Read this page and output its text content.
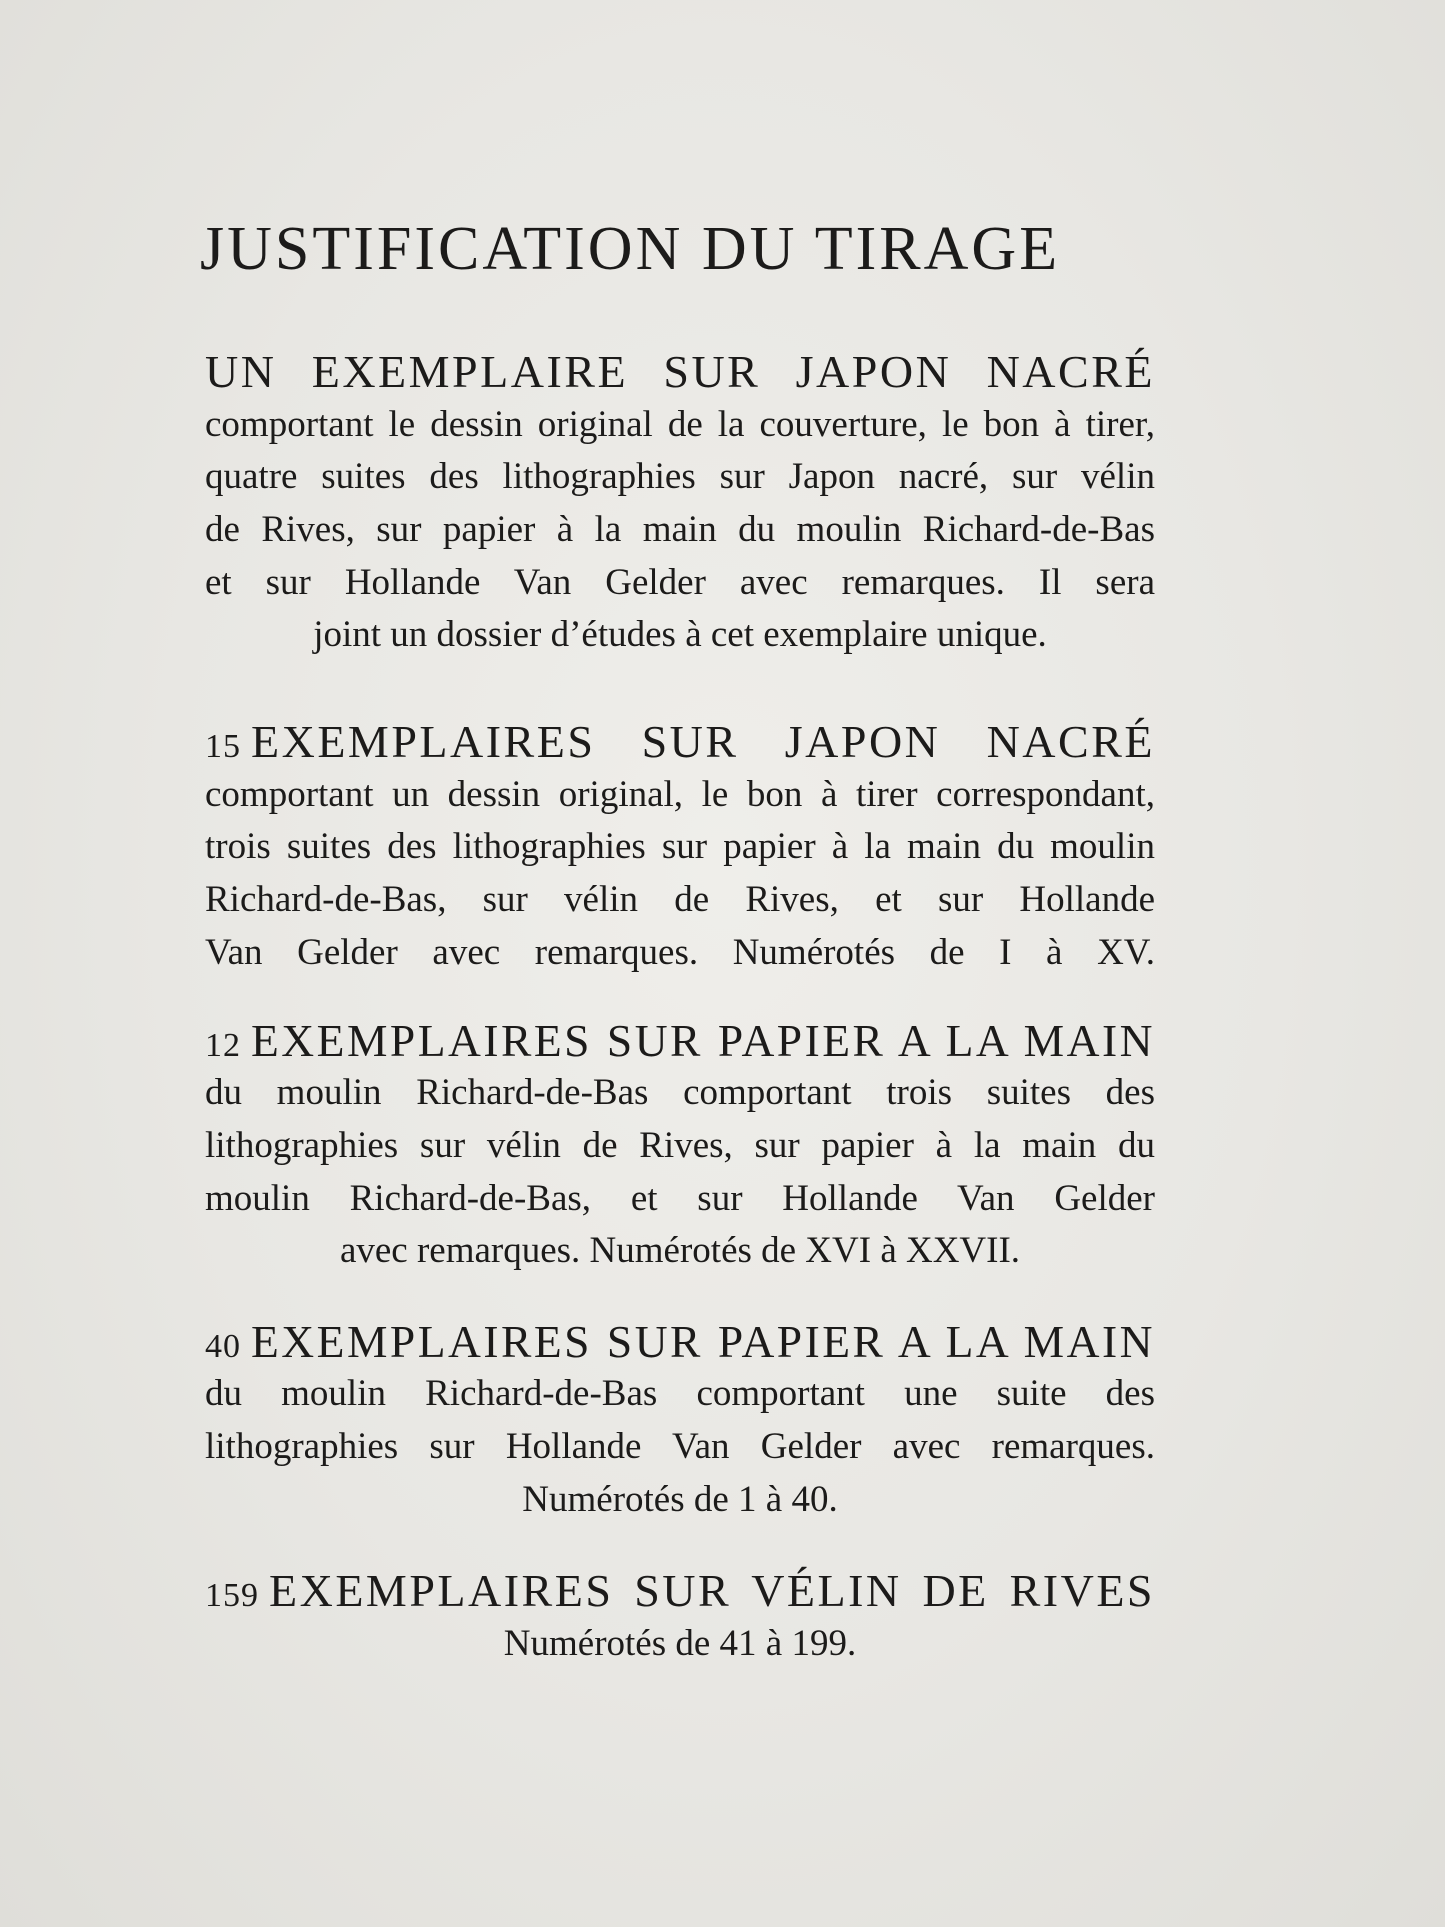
JUSTIFICATION DU TIRAGE
UN EXEMPLAIRE SUR JAPON NACRÉ
comportant le dessin original de la couverture, le bon à tirer,
quatre suites des lithographies sur Japon nacré, sur vélin
de Rives, sur papier à la main du moulin Richard-de-Bas
et sur Hollande Van Gelder avec remarques. Il sera
joint un dossier d’études à cet exemplaire unique.
15 EXEMPLAIRES SUR JAPON NACRÉ
comportant un dessin original, le bon à tirer correspondant,
trois suites des lithographies sur papier à la main du moulin
Richard-de-Bas, sur vélin de Rives, et sur Hollande
Van Gelder avec remarques. Numérotés de I à XV.
12 EXEMPLAIRES SUR PAPIER A LA MAIN
du moulin Richard-de-Bas comportant trois suites des
lithographies sur vélin de Rives, sur papier à la main du
moulin Richard-de-Bas, et sur Hollande Van Gelder
avec remarques. Numérotés de XVI à XXVII.
40 EXEMPLAIRES SUR PAPIER A LA MAIN
du moulin Richard-de-Bas comportant une suite des
lithographies sur Hollande Van Gelder avec remarques.
Numérotés de 1 à 40.
159 EXEMPLAIRES SUR VÉLIN DE RIVES
Numérotés de 41 à 199.
